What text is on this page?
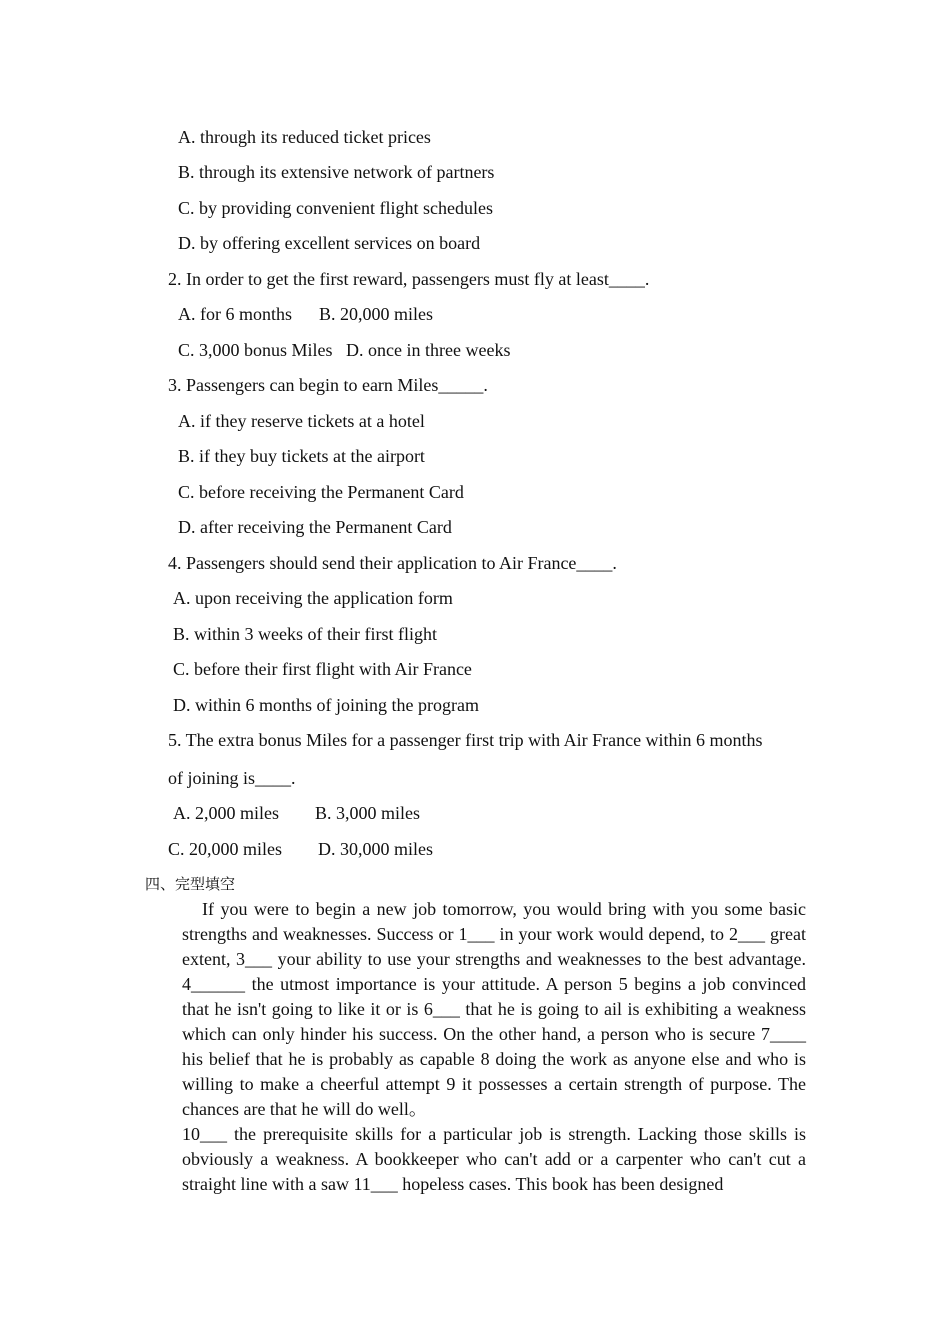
A. through its reduced ticket prices
B. through its extensive network of partners
C. by providing convenient flight schedules
D. by offering excellent services on board
2. In order to get the first reward, passengers must fly at least____.
A. for 6 months      B. 20,000 miles
C. 3,000 bonus Miles   D. once in three weeks
3. Passengers can begin to earn Miles_____.
A. if they reserve tickets at a hotel
B. if they buy tickets at the airport
C. before receiving the Permanent Card
D. after receiving the Permanent Card
4. Passengers should send their application to Air France____.
A. upon receiving the application form
B. within 3 weeks of their first flight
C. before their first flight with Air France
D. within 6 months of joining the program
5. The extra bonus Miles for a passenger first trip with Air France within 6 months
of joining is____.
A. 2,000 miles        B. 3,000 miles
C. 20,000 miles        D. 30,000 miles
四、完型填空

If you were to begin a new job tomorrow, you would bring with you some basic strengths and weaknesses. Success or 1___ in your work would depend, to 2___ great extent, 3___ your ability to use your strengths and weaknesses to the best advantage. 4______ the utmost importance is your attitude. A person 5 begins a job convinced that he isn't going to like it or is 6___ that he is going to ail is exhibiting a weakness which can only hinder his success. On the other hand, a person who is secure 7____ his belief that he is probably as capable 8 doing the work as anyone else and who is willing to make a cheerful attempt 9 it possesses a certain strength of purpose. The chances are that he will do well。

10___ the prerequisite skills for a particular job is strength. Lacking those skills is obviously a weakness. A bookkeeper who can't add or a carpenter who can't cut a straight line with a saw 11___ hopeless cases. This book has been designed
